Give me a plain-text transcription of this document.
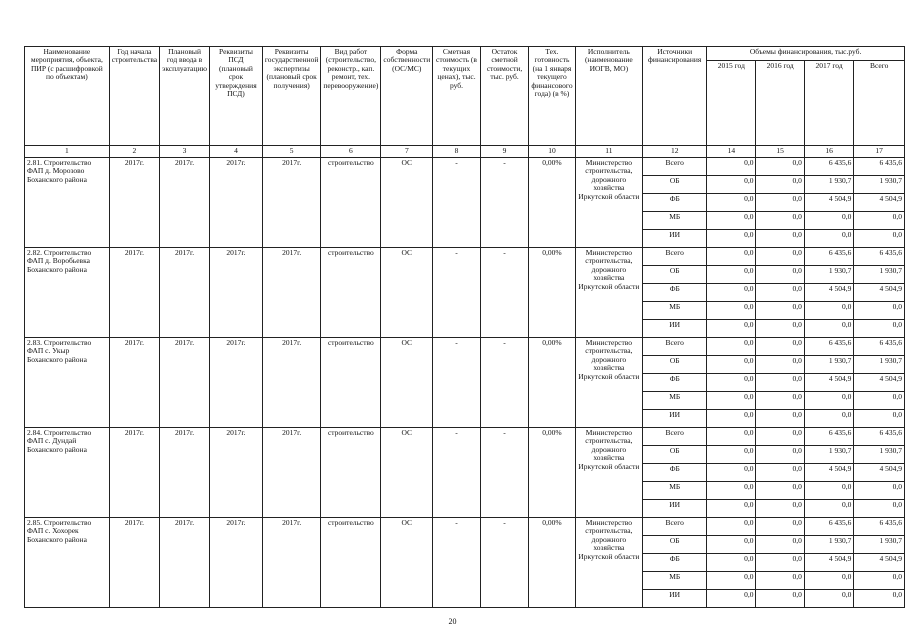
Наименование мероприятия, объекта, ПИР (с расшифровкой по объектам)	Год начала строительства	Плановый год ввода в эксплуатацию	Реквизиты ПСД (плановый срок утверждения ПСД)	Реквизиты государственной экспертизы (плановый срок получения)	Вид работ (строительство, реконстр., кап. ремонт, тех. перевооружение)	Форма собственности (ОС/МС)	Сметная стоимость (в текущих ценах), тыс. руб.	Остаток сметной стоимости, тыс. руб.	Тех. готовность (на 1 января текущего финансового года) (в %)	Исполнитель (наименование ИОГВ, МО)	Источники финансирования	Объемы финансирования, тыс.руб.			
												2015 год	2016 год	2017 год	Всего
1	2	3	4	5	6	7	8	9	10	11	12	14	15	16	17
2.81. Строительство ФАП д. Морозово Боханского района	2017г.	2017г.	2017г.	2017г.	строительство	ОС	-	-	0,00%	Министерство строительства, дорожного хозяйства Иркутской области	Всего	0,0	0,0	6 435,6	6 435,6
											ОБ	0,0	0,0	1 930,7	1 930,7
											ФБ	0,0	0,0	4 504,9	4 504,9
											МБ	0,0	0,0	0,0	0,0
											ИИ	0,0	0,0	0,0	0,0
2.82. Строительство ФАП д. Воробьевка Боханского района	2017г.	2017г.	2017г.	2017г.	строительство	ОС	-	-	0,00%	Министерство строительства, дорожного хозяйства Иркутской области	Всего	0,0	0,0	6 435,6	6 435,6
											ОБ	0,0	0,0	1 930,7	1 930,7
											ФБ	0,0	0,0	4 504,9	4 504,9
											МБ	0,0	0,0	0,0	0,0
											ИИ	0,0	0,0	0,0	0,0
2.83. Строительство ФАП с. Укыр Боханского района	2017г.	2017г.	2017г.	2017г.	строительство	ОС	-	-	0,00%	Министерство строительства, дорожного хозяйства Иркутской области	Всего	0,0	0,0	6 435,6	6 435,6
											ОБ	0,0	0,0	1 930,7	1 930,7
											ФБ	0,0	0,0	4 504,9	4 504,9
											МБ	0,0	0,0	0,0	0,0
											ИИ	0,0	0,0	0,0	0,0
2.84. Строительство ФАП с. Дундай Боханского района	2017г.	2017г.	2017г.	2017г.	строительство	ОС	-	-	0,00%	Министерство строительства, дорожного хозяйства Иркутской области	Всего	0,0	0,0	6 435,6	6 435,6
											ОБ	0,0	0,0	1 930,7	1 930,7
											ФБ	0,0	0,0	4 504,9	4 504,9
											МБ	0,0	0,0	0,0	0,0
											ИИ	0,0	0,0	0,0	0,0
2.85. Строительство ФАП с. Хохорек Боханского района	2017г.	2017г.	2017г.	2017г.	строительство	ОС	-	-	0,00%	Министерство строительства, дорожного хозяйства Иркутской области	Всего	0,0	0,0	6 435,6	6 435,6
											ОБ	0,0	0,0	1 930,7	1 930,7
											ФБ	0,0	0,0	4 504,9	4 504,9
											МБ	0,0	0,0	0,0	0,0
											ИИ	0,0	0,0	0,0	0,0
20
